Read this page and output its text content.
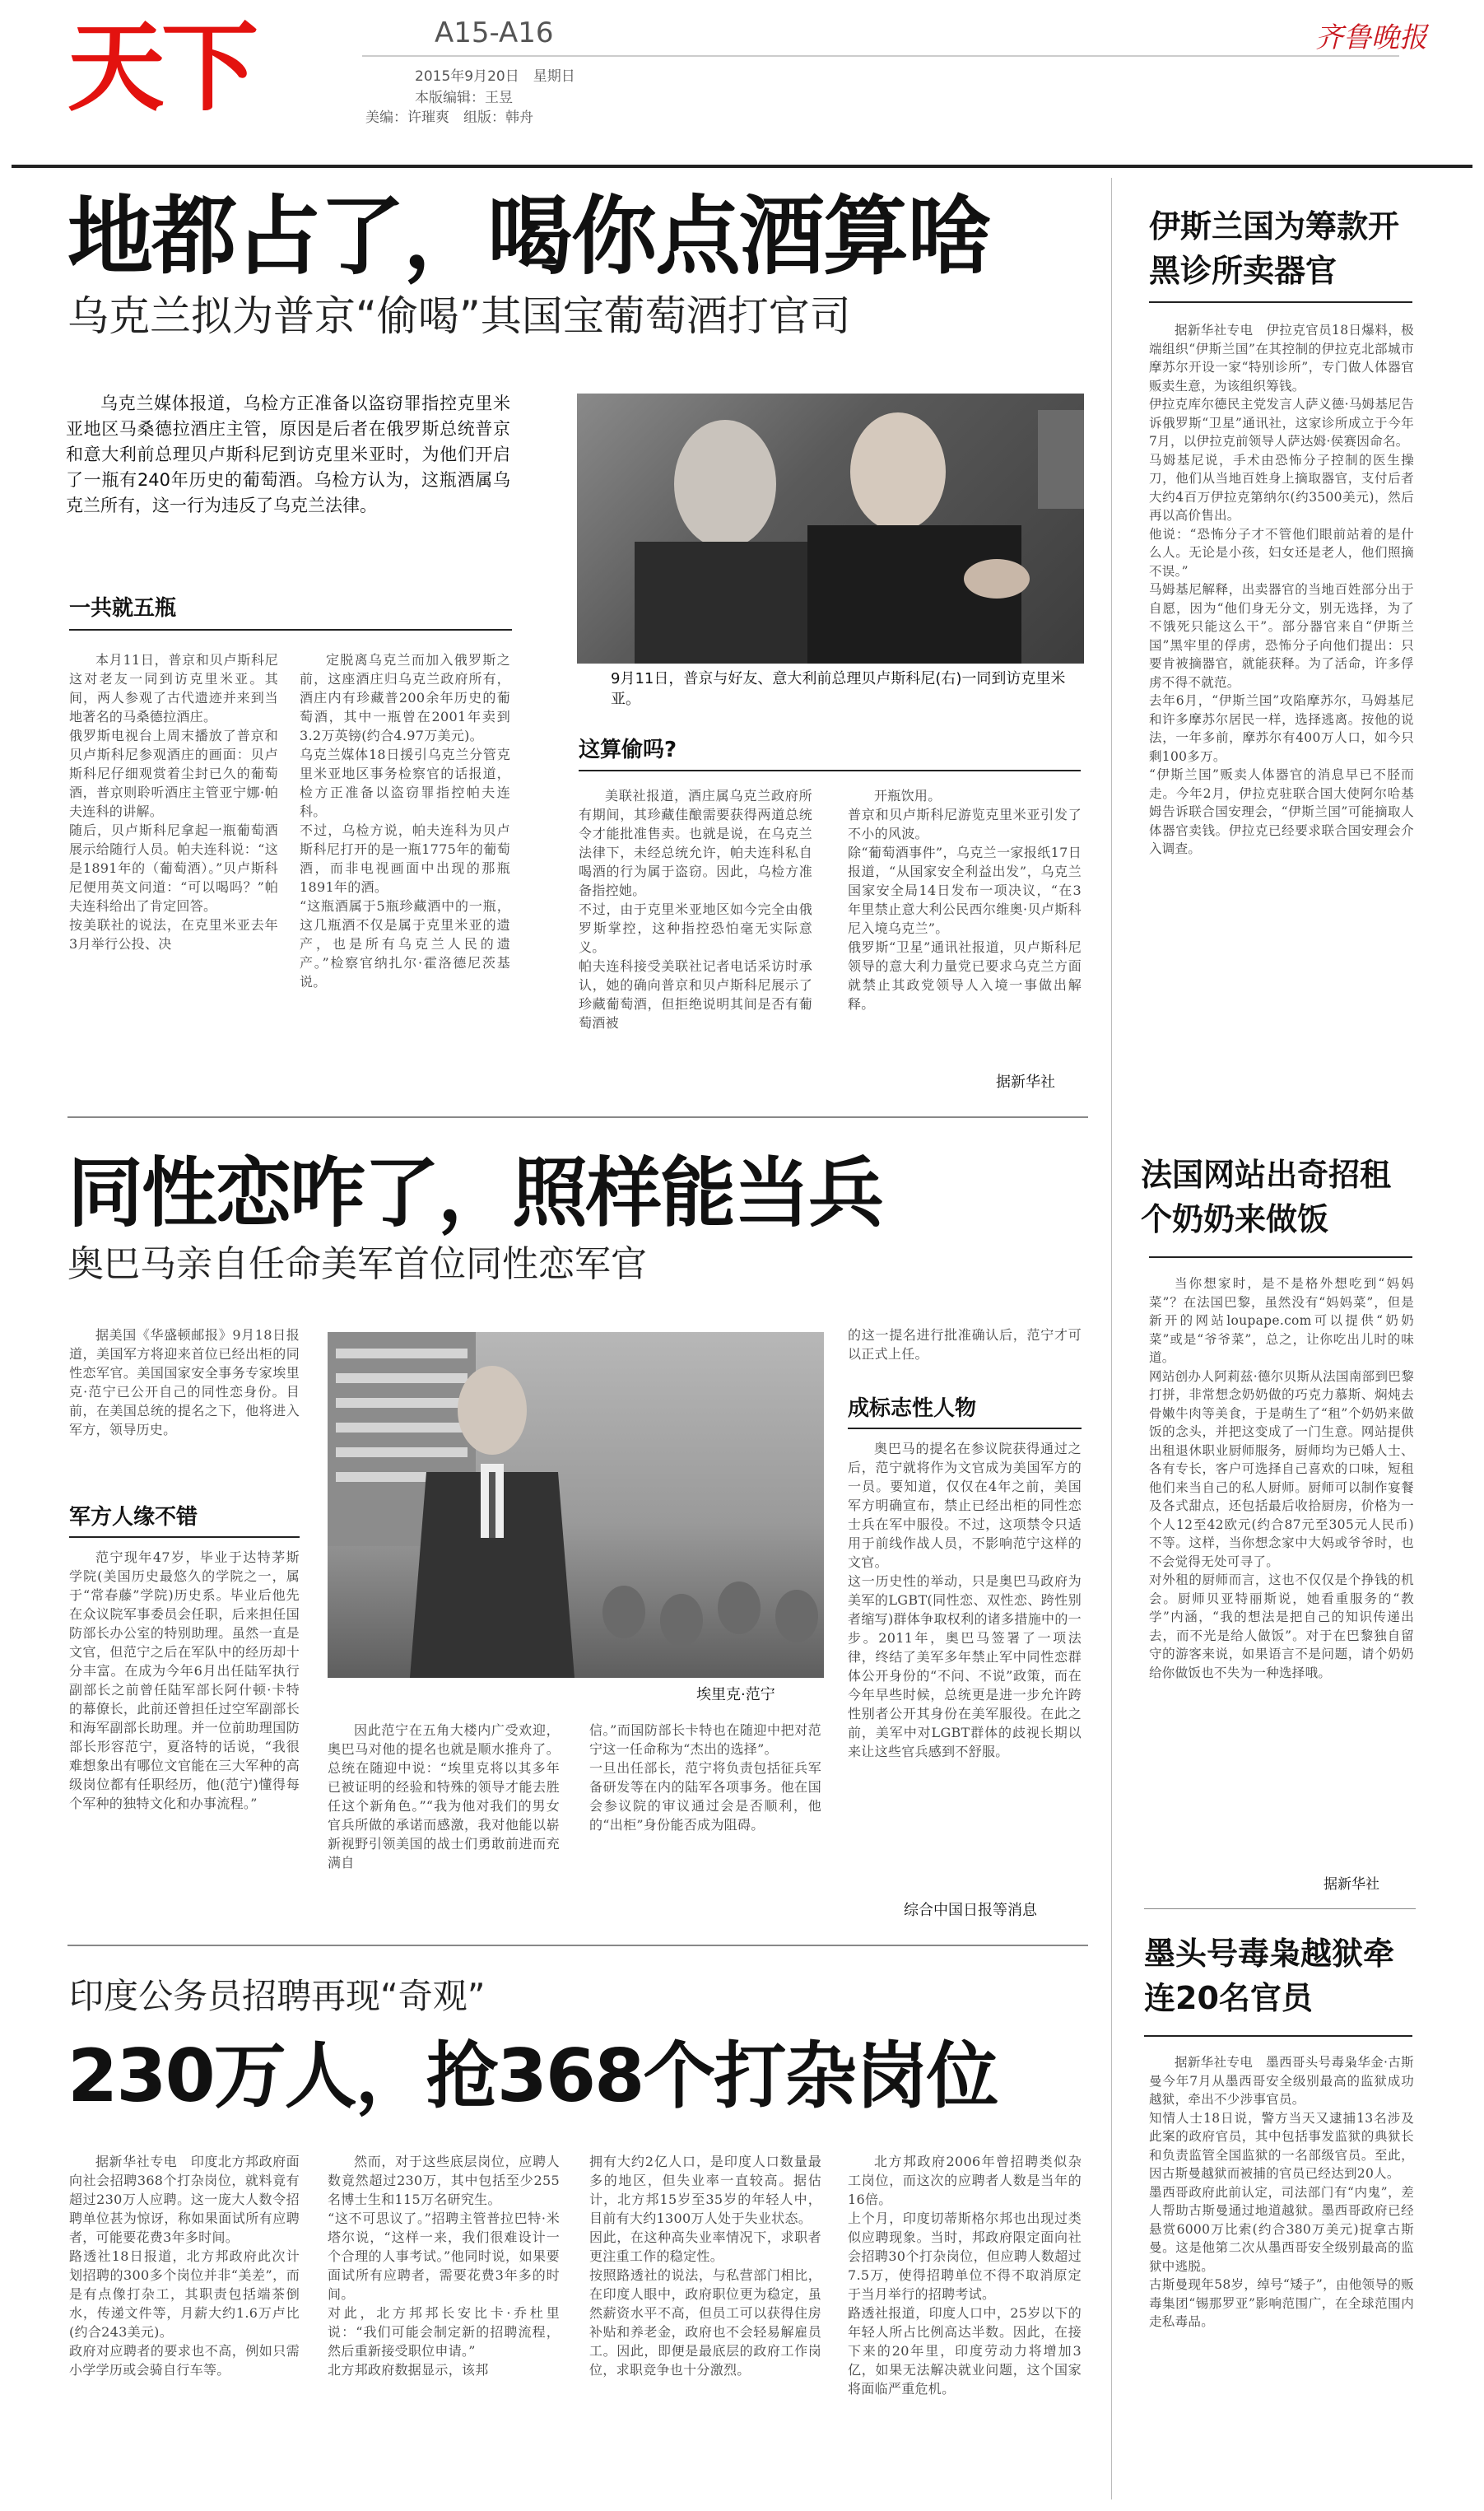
天下	A15-A16
2015年9月20日　星期日
本版编辑：王昱
美编：许璀爽　组版：韩舟
齐鲁晚报
地都占了，喝你点酒算啥
乌克兰拟为普京“偷喝”其国宝葡萄酒打官司
乌克兰媒体报道，乌检方正准备以盗窃罪指控克里米亚地区马桑德拉酒庄主管，原因是后者在俄罗斯总统普京和意大利前总理贝卢斯科尼到访克里米亚时，为他们开启了一瓶有240年历史的葡萄酒。乌检方认为，这瓶酒属乌克兰所有，这一行为违反了乌克兰法律。
一共就五瓶
本月11日，普京和贝卢斯科尼这对老友一同到访克里米亚。其间，两人参观了古代遗迹并来到当地著名的马桑德拉酒庄。
俄罗斯电视台上周末播放了普京和贝卢斯科尼参观酒庄的画面：贝卢斯科尼仔细观赏着尘封已久的葡萄酒，普京则聆听酒庄主管亚宁娜·帕夫连科的讲解。
随后，贝卢斯科尼拿起一瓶葡萄酒展示给随行人员。帕夫连科说：“这是1891年的（葡萄酒）。”贝卢斯科尼便用英文问道：“可以喝吗？”帕夫连科给出了肯定回答。
按美联社的说法，在克里米亚去年3月举行公投、决
定脱离乌克兰而加入俄罗斯之前，这座酒庄归乌克兰政府所有，酒庄内有珍藏普200余年历史的葡萄酒，其中一瓶曾在2001年卖到3.2万英镑(约合4.97万美元)。
乌克兰媒体18日援引乌克兰分管克里米亚地区事务检察官的话报道，检方正准备以盗窃罪指控帕夫连科。
不过，乌检方说，帕夫连科为贝卢斯科尼打开的是一瓶1775年的葡萄酒，而非电视画面中出现的那瓶1891年的酒。
“这瓶酒属于5瓶珍藏酒中的一瓶，这几瓶酒不仅是属于克里米亚的遗产，也是所有乌克兰人民的遗产。”检察官纳扎尔·霍洛德尼茨基说。
9月11日，普京与好友、意大利前总理贝卢斯科尼(右)一同到访克里米亚。
这算偷吗?
美联社报道，酒庄属乌克兰政府所有期间，其珍藏佳酿需要获得两道总统令才能批准售卖。也就是说，在乌克兰法律下，未经总统允许，帕夫连科私自喝酒的行为属于盗窃。因此，乌检方准备指控她。
不过，由于克里米亚地区如今完全由俄罗斯掌控，这种指控恐怕毫无实际意义。
帕夫连科接受美联社记者电话采访时承认，她的确向普京和贝卢斯科尼展示了珍藏葡萄酒，但拒绝说明其间是否有葡萄酒被
开瓶饮用。
普京和贝卢斯科尼游览克里米亚引发了不小的风波。
除“葡萄酒事件”，乌克兰一家报纸17日报道，“从国家安全利益出发”，乌克兰国家安全局14日发布一项决议，“在3年里禁止意大利公民西尔维奥·贝卢斯科尼入境乌克兰”。
俄罗斯“卫星”通讯社报道，贝卢斯科尼领导的意大利力量党已要求乌克兰方面就禁止其政党领导人入境一事做出解释。
据新华社
同性恋咋了，照样能当兵
奥巴马亲自任命美军首位同性恋军官
据美国《华盛顿邮报》9月18日报道，美国军方将迎来首位已经出柜的同性恋军官。美国国家安全事务专家埃里克·范宁已公开自己的同性恋身份。目前，在美国总统的提名之下，他将进入军方，领导历史。
军方人缘不错
范宁现年47岁，毕业于达特茅斯学院(美国历史最悠久的学院之一，属于“常春藤”学院)历史系。毕业后他先在众议院军事委员会任职，后来担任国防部长办公室的特别助理。虽然一直是文官，但范宁之后在军队中的经历却十分丰富。在成为今年6月出任陆军执行副部长之前曾任陆军部长阿什顿·卡特的幕僚长，此前还曾担任过空军副部长和海军副部长助理。并一位前助理国防部长形容范宁，夏洛特的话说，“我很难想象出有哪位文官能在三大军种的高级岗位都有任职经历，他(范宁)懂得每个军种的独特文化和办事流程。”
埃里克·范宁
因此范宁在五角大楼内广受欢迎，奥巴马对他的提名也就是顺水推舟了。总统在随迎中说：“埃里克将以其多年已被证明的经验和特殊的领导才能去胜任这个新角色。”“我为他对我们的男女官兵所做的承诺而感激，我对他能以崭新视野引领美国的战士们勇敢前进而充满自
信。”而国防部长卡特也在随迎中把对范宁这一任命称为“杰出的选择”。
一旦出任部长，范宁将负责包括征兵军备研发等在内的陆军各项事务。他在国会参议院的审议通过会是否顺利，他的“出柜”身份能否成为阻碍。
的这一提名进行批准确认后，范宁才可以正式上任。
成标志性人物
奥巴马的提名在参议院获得通过之后，范宁就将作为文官成为美国军方的一员。要知道，仅仅在4年之前，美国军方明确宣布，禁止已经出柜的同性恋士兵在军中服役。不过，这项禁令只适用于前线作战人员，不影响范宁这样的文官。
这一历史性的举动，只是奥巴马政府为美军的LGBT(同性恋、双性恋、跨性别者缩写)群体争取权利的诸多措施中的一步。2011年，奥巴马签署了一项法律，终结了美军多年禁止军中同性恋群体公开身份的“不问、不说”政策，而在今年早些时候，总统更是进一步允许跨性别者公开其身份在美军服役。在此之前，美军中对LGBT群体的歧视长期以来让这些官兵感到不舒服。
综合中国日报等消息
印度公务员招聘再现“奇观”
230万人，抢368个打杂岗位
据新华社专电　印度北方邦政府面向社会招聘368个打杂岗位，就料竟有超过230万人应聘。这一庞大人数令招聘单位甚为惊讶，称如果面试所有应聘者，可能要花费3年多时间。
路透社18日报道，北方邦政府此次计划招聘的300多个岗位并非“美差”，而是有点像打杂工，其职责包括端茶倒水，传递文件等，月薪大约1.6万卢比(约合243美元)。
政府对应聘者的要求也不高，例如只需小学学历或会骑自行车等。
然而，对于这些底层岗位，应聘人数竟然超过230万，其中包括至少255名博士生和115万名研究生。
“这不可思议了。”招聘主管普拉巴特·米塔尔说，“这样一来，我们很难设计一个合理的人事考试。”他同时说，如果要面试所有应聘者，需要花费3年多的时间。
对此，北方邦邦长安比卡·乔杜里说：“我们可能会制定新的招聘流程，然后重新接受职位申请。”
北方邦政府数据显示，该邦
拥有大约2亿人口，是印度人口数量最多的地区，但失业率一直较高。据估计，北方邦15岁至35岁的年轻人中，目前有大约1300万人处于失业状态。
因此，在这种高失业率情况下，求职者更注重工作的稳定性。
按照路透社的说法，与私营部门相比，在印度人眼中，政府职位更为稳定，虽然薪资水平不高，但员工可以获得住房补贴和养老金，政府也不会轻易解雇员工。因此，即便是最底层的政府工作岗位，求职竞争也十分激烈。
北方邦政府2006年曾招聘类似杂工岗位，而这次的应聘者人数是当年的16倍。
上个月，印度切蒂斯格尔邦也出现过类似应聘现象。当时，邦政府限定面向社会招聘30个打杂岗位，但应聘人数超过7.5万，使得招聘单位不得不取消原定于当月举行的招聘考试。
路透社报道，印度人口中，25岁以下的年轻人所占比例高达半数。因此，在接下来的20年里，印度劳动力将增加3亿，如果无法解决就业问题，这个国家将面临严重危机。
伊斯兰国为筹款开黑诊所卖器官
据新华社专电　伊拉克官员18日爆料，极端组织“伊斯兰国”在其控制的伊拉克北部城市摩苏尔开设一家“特别诊所”，专门做人体器官贩卖生意，为该组织筹钱。
伊拉克库尔德民主党发言人萨义德·马姆基尼告诉俄罗斯“卫星”通讯社，这家诊所成立于今年7月，以伊拉克前领导人萨达姆·侯赛因命名。
马姆基尼说，手术由恐怖分子控制的医生操刀，他们从当地百姓身上摘取器官，支付后者大约4百万伊拉克第纳尔(约3500美元)，然后再以高价售出。
他说：“恐怖分子才不管他们眼前站着的是什么人。无论是小孩，妇女还是老人，他们照摘不误。”
马姆基尼解释，出卖器官的当地百姓部分出于自愿，因为“他们身无分文，别无选择，为了不饿死只能这么干”。部分器官来自“伊斯兰国”黑牢里的俘虏，恐怖分子向他们提出：只要肯被摘器官，就能获释。为了活命，许多俘虏不得不就范。
去年6月，“伊斯兰国”攻陷摩苏尔，马姆基尼和许多摩苏尔居民一样，选择逃离。按他的说法，一年多前，摩苏尔有400万人口，如今只剩100多万。
“伊斯兰国”贩卖人体器官的消息早已不胫而走。今年2月，伊拉克驻联合国大使阿尔哈基姆告诉联合国安理会，“伊斯兰国”可能摘取人体器官卖钱。伊拉克已经要求联合国安理会介入调查。
法国网站出奇招租个奶奶来做饭
当你想家时，是不是格外想吃到“妈妈菜”？在法国巴黎，虽然没有“妈妈菜”，但是新开的网站loupape.com可以提供“奶奶菜”或是“爷爷菜”，总之，让你吃出儿时的味道。
网站创办人阿莉兹·德尔贝斯从法国南部到巴黎打拼，非常想念奶奶做的巧克力慕斯、焖炖去骨嫩牛肉等美食，于是萌生了“租”个奶奶来做饭的念头，并把这变成了一门生意。网站提供出租退休职业厨师服务，厨师均为已婚人士、各有专长，客户可选择自己喜欢的口味，短租他们来当自己的私人厨师。厨师可以制作宴餐及各式甜点，还包括最后收拾厨房，价格为一个人12至42欧元(约合87元至305元人民币)不等。这样，当你想念家中大妈或爷爷时，也不会觉得无处可寻了。
对外租的厨师而言，这也不仅仅是个挣钱的机会。厨师贝亚特丽斯说，她看重服务的“教学”内涵，“我的想法是把自己的知识传递出去，而不光是给人做饭”。对于在巴黎独自留守的游客来说，如果语言不是问题，请个奶奶给你做饭也不失为一种选择哦。
据新华社
墨头号毒枭越狱牵连20名官员
据新华社专电　墨西哥头号毒枭华金·古斯曼今年7月从墨西哥安全级别最高的监狱成功越狱，牵出不少涉事官员。
知情人士18日说，警方当天又逮捕13名涉及此案的政府官员，其中包括事发监狱的典狱长和负责监管全国监狱的一名部级官员。至此，因古斯曼越狱而被捕的官员已经达到20人。
墨西哥政府此前认定，司法部门有“内鬼”，差人帮助古斯曼通过地道越狱。墨西哥政府已经悬赏6000万比索(约合380万美元)捉拿古斯曼。这是他第二次从墨西哥安全级别最高的监狱中逃脱。
古斯曼现年58岁，绰号“矮子”，由他领导的贩毒集团“锡那罗亚”影响范围广，在全球范围内走私毒品。
